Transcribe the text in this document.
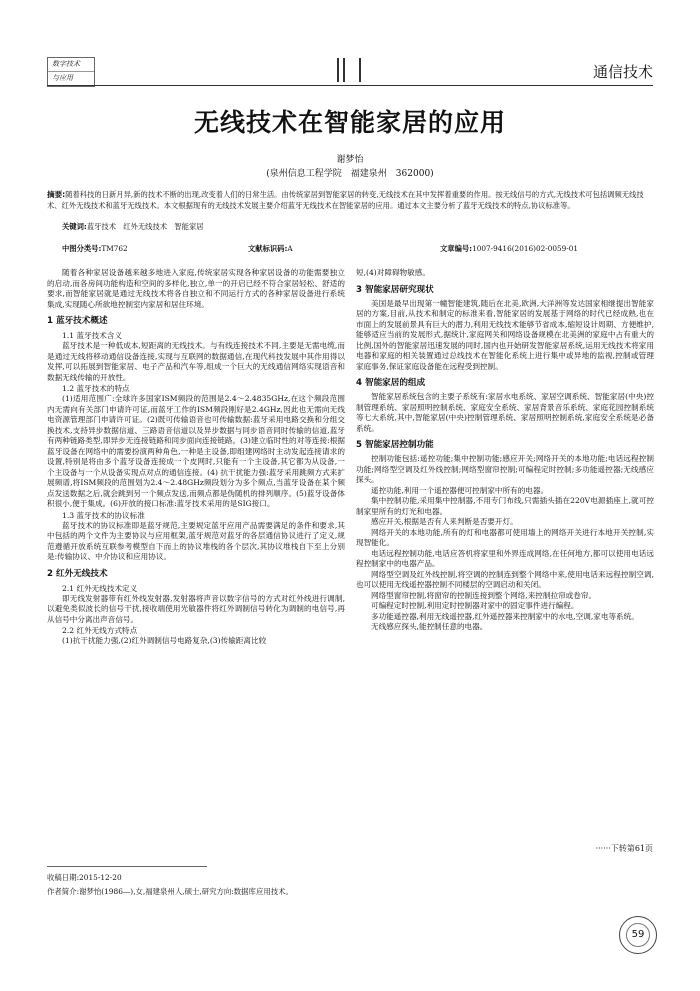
数字技术
与应用	通信技术
无线技术在智能家居的应用
谢梦怡
(泉州信息工程学院　福建泉州　362000)
摘要:随着科技的日新月异,新的技术不断的出现,改变着人们的日常生活。由传统家居到智能家居的转变,无线技术在其中发挥着重要的作用。按无线信号的方式,无线技术可包括调频无线技术、红外无线技术和蓝牙无线技术。本文根据现有的无线技术发展主要介绍蓝牙无线技术在智能家居的应用。通过本文主要分析了蓝牙无线技术的特点,协议标准等。
关键词:蓝牙技术　红外无线技术　智能家居
中图分类号:TM762	文献标识码:A	文章编号:1007-9416(2016)02-0059-01

随着各种家居设备越来越多地进入家庭,传统家居实现各种家居设备的功能需要独立的启动,而各房间功能构造和空间的多样化,独立,单一的开启已经不符合家居轻松、舒适的要求,而智能家居就是通过无线技术将各自独立和不同运行方式的各种家居设备进行系统集成,实现随心所欲地控制室内家居和居住环境。

1 蓝牙技术概述
1.1 蓝牙技术含义

蓝牙技术是一种低成本,短距离的无线技术。与有线连接技术不同,主要是无需电缆,而是通过无线将移动通信设备连接,实现与互联网的数据通信,在现代科技发展中其作用得以发挥,可以拓展到智能家居、电子产品和汽车等,组成一个巨大的无线通信网络实现语音和数据无线传输的开放性。

1.2 蓝牙技术的特点

(1)适用范围广:全球许多国家ISM频段的范围是2.4～2.4835GHz,在这个频段范围内无需向有关部门申请许可证,而蓝牙工作的ISM频段刚好是2.4GHz,因此也无需向无线电资源管理部门申请许可证。(2)既可传输语音也可传输数据:蓝牙采用电路交换和分组交换技术,支持异步数据信道、三路语音信道以及异步数据与同步语音同时传输的信道,蓝牙有两种链路类型,即异步无连接链路和同步面向连接链路。(3)建立临时性的对等连接:根据蓝牙设备在网络中的需要扮演两种角色,一种是主设备,即组建网络时主动发起连接请求的设置,特别是将由多个蓝牙设备连接成一个皮网时,只能有一个主设备,其它都为从设备,一个主设备与一个从设备实现点对点的通信连接。(4) 抗干扰能力强:蓝牙采用跳频方式来扩展频谱,将ISM频段的范围划为2.4～2.48GHz频段划分为多个频点,当蓝牙设备在某个频点发送数据之后,就会跳到另一个频点发送,而频点都是伪随机的排列顺序。(5)蓝牙设备体积很小,便于集成。(6)开放的接口标准:蓝牙技术采用的是SIG接口。

1.3 蓝牙技术的协议标准

蓝牙技术的协议标准即是蓝牙规范,主要规定蓝牙应用产品需要满足的条件和要求,其中包括的两个文件为主要协议与应用框架,蓝牙规范对蓝牙的各层通信协议进行了定义,规范遵循开放系统互联参考模型自下而上的协议堆栈的各个层次,其协议堆栈自下至上分别是:传输协议、中介协议和应用协议。

2 红外无线技术
2.1 红外无线技术定义

即无线发射器带有红外线发射器,发射器将声音以数字信号的方式对红外线进行调制,以避免类似波长的信号干扰,接收端使用光敏器件将红外调制信号转化为调制的电信号,再从信号中分离出声音信号。

2.2 红外无线方式特点

(1)抗干扰能力强,(2)红外调制信号电路复杂,(3)传输距离比较

短,(4)对障碍物敏感。

3 智能家居研究现状

美国是最早出现第一幢智能建筑,随后在北美,欧洲,大洋洲等发达国家相继提出智能家居的方案,目前,从技术和制定的标准来看,智能家居的发展基于网络的时代已经成熟,也在市面上的发展前景具有巨大的潜力,利用无线技术能够节省成本,缩短设计周期、方便维护,能够适应当前的发展形式,据统计,家庭网关和网络设备规模在北美洲的家庭中占有重大的比例,国外的智能家居迅速发展的同时,国内也开始研发智能家居系统,运用无线技术将家用电器和家庭的相关装置通过总线技术在智能化系统上进行集中或异地的监视,控制或管理家庭事务,保证家庭设备能在远程受到控制。

4 智能家居的组成

智能家居系统包含的主要子系统有:家居水电系统、家居空调系统、智能家居(中央)控制管理系统、家居照明控制系统、家庭安全系统、家居背景音乐系统、家庭花园控制系统等七大系统,其中,智能家居(中央)控制管理系统、家居照明控制系统,家庭安全系统是必备系统。

5 智能家居控制功能

控制功能包括:遥控功能;集中控制功能;感应开关;网络开关的本地功能;电话远程控制功能;网络型空调及红外线控制;网络型窗帘控制;可编程定时控制;多功能遥控器;无线感应探头。

遥控功能,利用一个遥控器便可控制家中所有的电器。

集中控制功能,采用集中控制器,不用专门布线,只需插头插在220V电源插座上,就可控制家里所有的灯光和电器。

感应开关,根据是否有人来判断是否要开灯。

网络开关的本地功能,所有的灯和电器都可使用墙上的网络开关进行本地开关控制,实现智能化。

电话远程控制功能,电话应答机将家里和外界连成网络,在任何地方,都可以使用电话远程控制家中的电器产品。

网络型空调及红外线控制,将空调的控制连到整个网络中来,使用电话来远程控制空调,也可以使用无线遥控器控制不同楼层的空调启动和关闭。

网络型窗帘控制,将窗帘的控制连接到整个网络,来控制拉帘或卷帘。

可编程定时控制,利用定时控制器对家中的固定事件进行编程。

多功能遥控器,利用无线遥控器,红外遥控器来控制家中的水电,空调,家电等系统。

无线感应探头,能控制任意的电器。

······下转第61页
收稿日期:2015-12-20
作者简介:谢梦怡(1986—),女,福建泉州人,硕士,研究方向:数据库应用技术。
59
